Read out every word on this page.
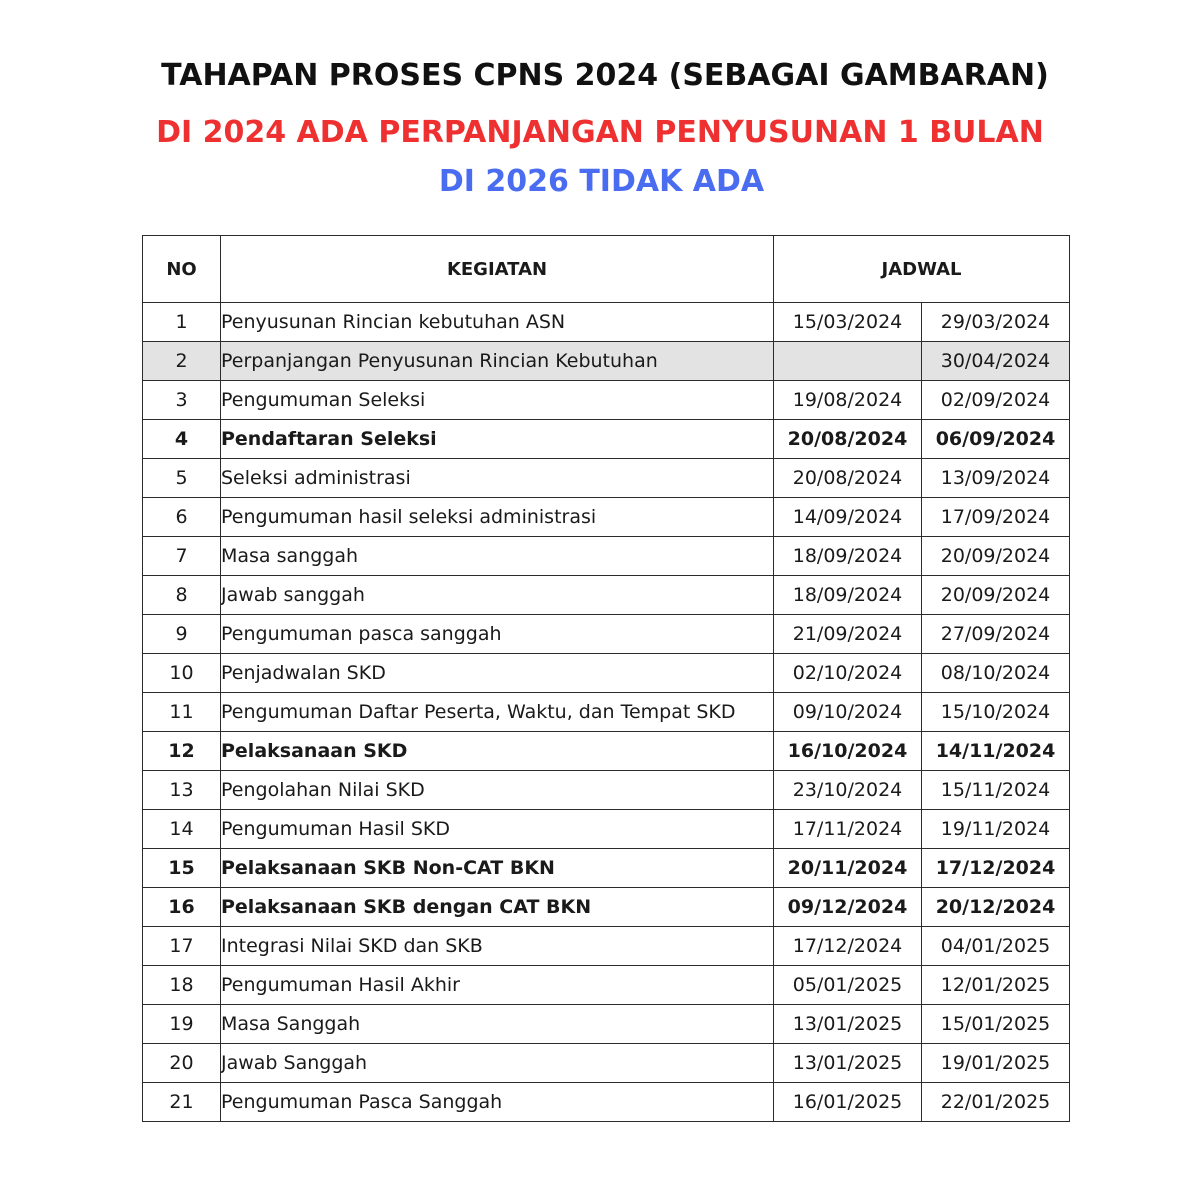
TAHAPAN PROSES CPNS 2024 (SEBAGAI GAMBARAN)
DI 2024 ADA PERPANJANGAN PENYUSUNAN 1 BULAN
DI 2026 TIDAK ADA
NO	KEGIATAN	JADWAL	
1	Penyusunan Rincian kebutuhan ASN	15/03/2024	29/03/2024
2	Perpanjangan Penyusunan Rincian Kebutuhan		30/04/2024
3	Pengumuman Seleksi	19/08/2024	02/09/2024
4	Pendaftaran Seleksi	20/08/2024	06/09/2024
5	Seleksi administrasi	20/08/2024	13/09/2024
6	Pengumuman hasil seleksi administrasi	14/09/2024	17/09/2024
7	Masa sanggah	18/09/2024	20/09/2024
8	Jawab sanggah	18/09/2024	20/09/2024
9	Pengumuman pasca sanggah	21/09/2024	27/09/2024
10	Penjadwalan SKD	02/10/2024	08/10/2024
11	Pengumuman Daftar Peserta, Waktu, dan Tempat SKD	09/10/2024	15/10/2024
12	Pelaksanaan SKD	16/10/2024	14/11/2024
13	Pengolahan Nilai SKD	23/10/2024	15/11/2024
14	Pengumuman Hasil SKD	17/11/2024	19/11/2024
15	Pelaksanaan SKB Non-CAT BKN	20/11/2024	17/12/2024
16	Pelaksanaan SKB dengan CAT BKN	09/12/2024	20/12/2024
17	Integrasi Nilai SKD dan SKB	17/12/2024	04/01/2025
18	Pengumuman Hasil Akhir	05/01/2025	12/01/2025
19	Masa Sanggah	13/01/2025	15/01/2025
20	Jawab Sanggah	13/01/2025	19/01/2025
21	Pengumuman Pasca Sanggah	16/01/2025	22/01/2025
